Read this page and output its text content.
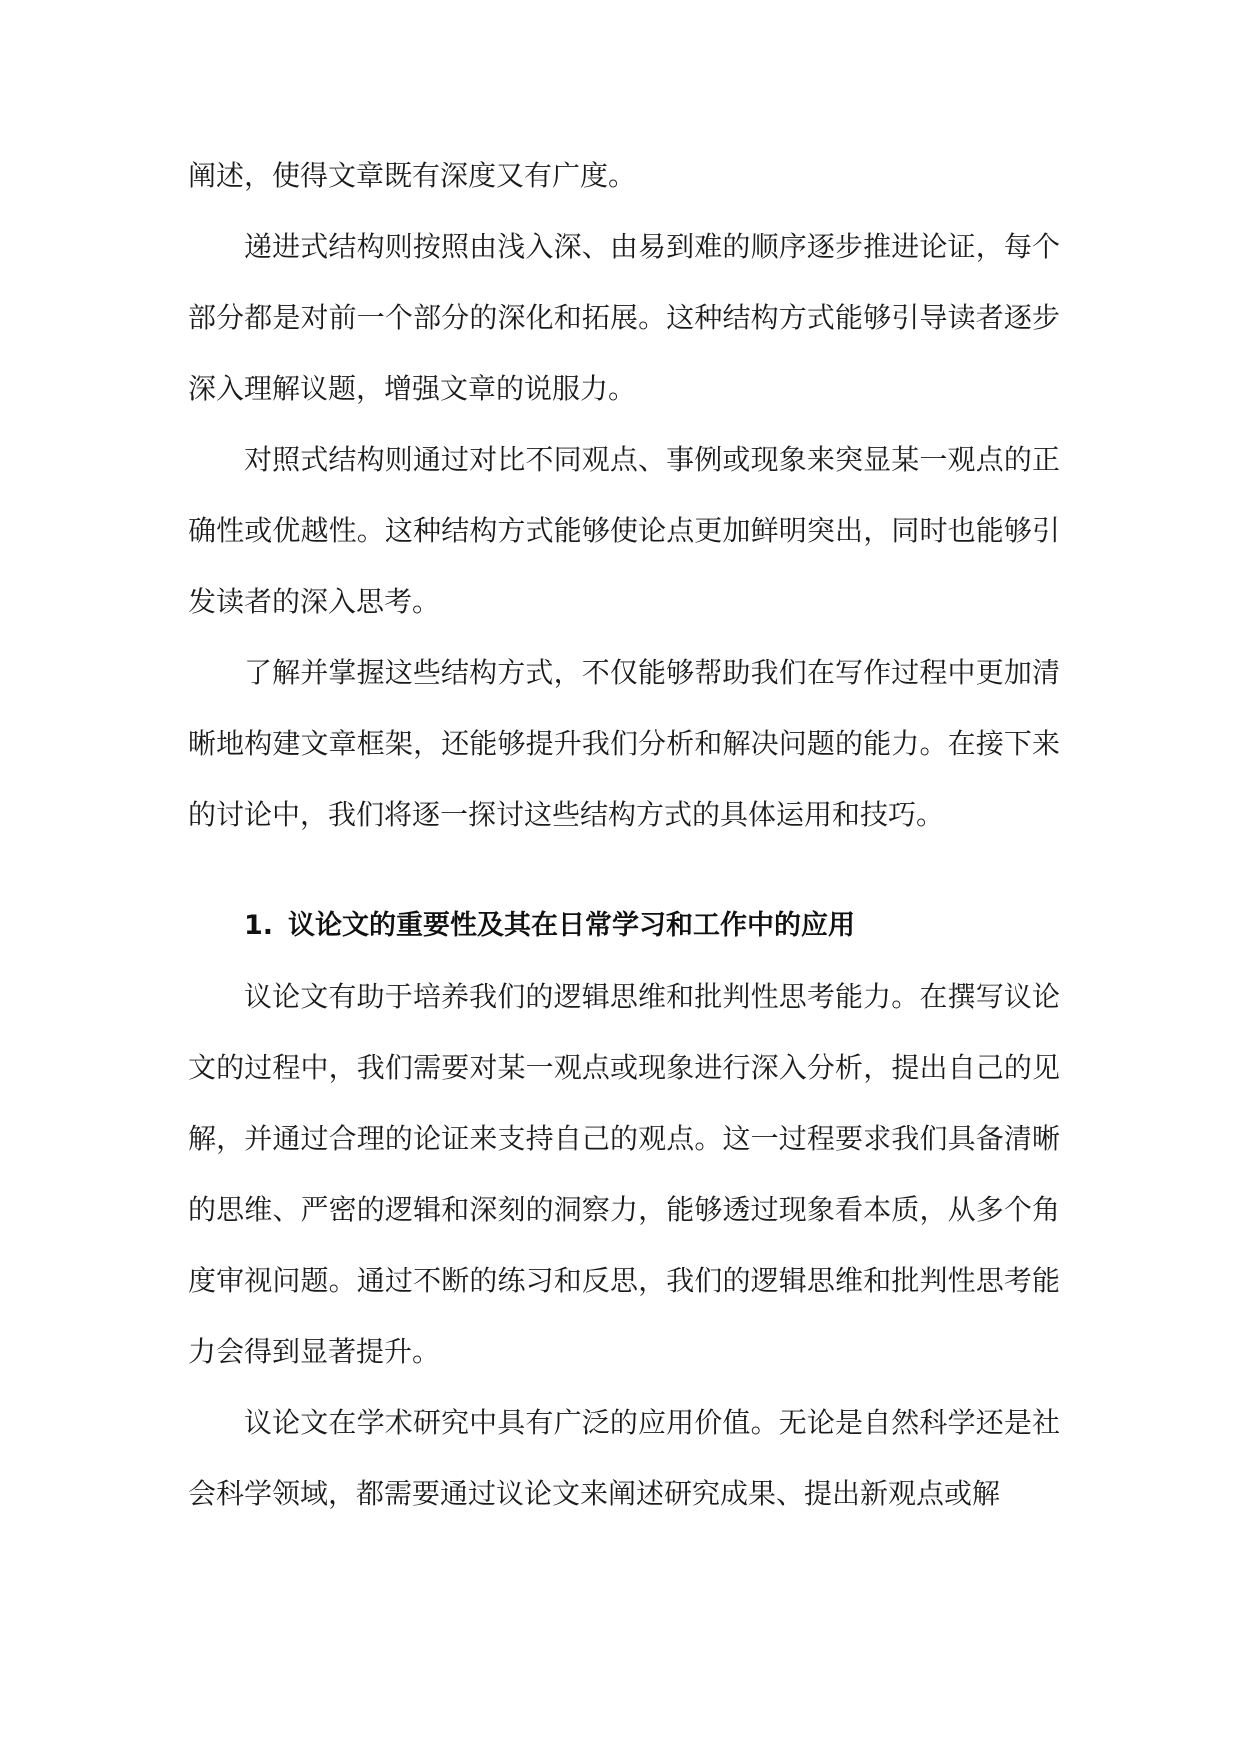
阐述，使得文章既有深度又有广度。

递进式结构则按照由浅入深、由易到难的顺序逐步推进论证，每个部分都是对前一个部分的深化和拓展。这种结构方式能够引导读者逐步深入理解议题，增强文章的说服力。

对照式结构则通过对比不同观点、事例或现象来突显某一观点的正确性或优越性。这种结构方式能够使论点更加鲜明突出，同时也能够引发读者的深入思考。

了解并掌握这些结构方式，不仅能够帮助我们在写作过程中更加清晰地构建文章框架，还能够提升我们分析和解决问题的能力。在接下来的讨论中，我们将逐一探讨这些结构方式的具体运用和技巧。

1. 议论文的重要性及其在日常学习和工作中的应用

议论文有助于培养我们的逻辑思维和批判性思考能力。在撰写议论文的过程中，我们需要对某一观点或现象进行深入分析，提出自己的见解，并通过合理的论证来支持自己的观点。这一过程要求我们具备清晰的思维、严密的逻辑和深刻的洞察力，能够透过现象看本质，从多个角度审视问题。通过不断的练习和反思，我们的逻辑思维和批判性思考能力会得到显著提升。

议论文在学术研究中具有广泛的应用价值。无论是自然科学还是社会科学领域，都需要通过议论文来阐述研究成果、提出新观点或解
